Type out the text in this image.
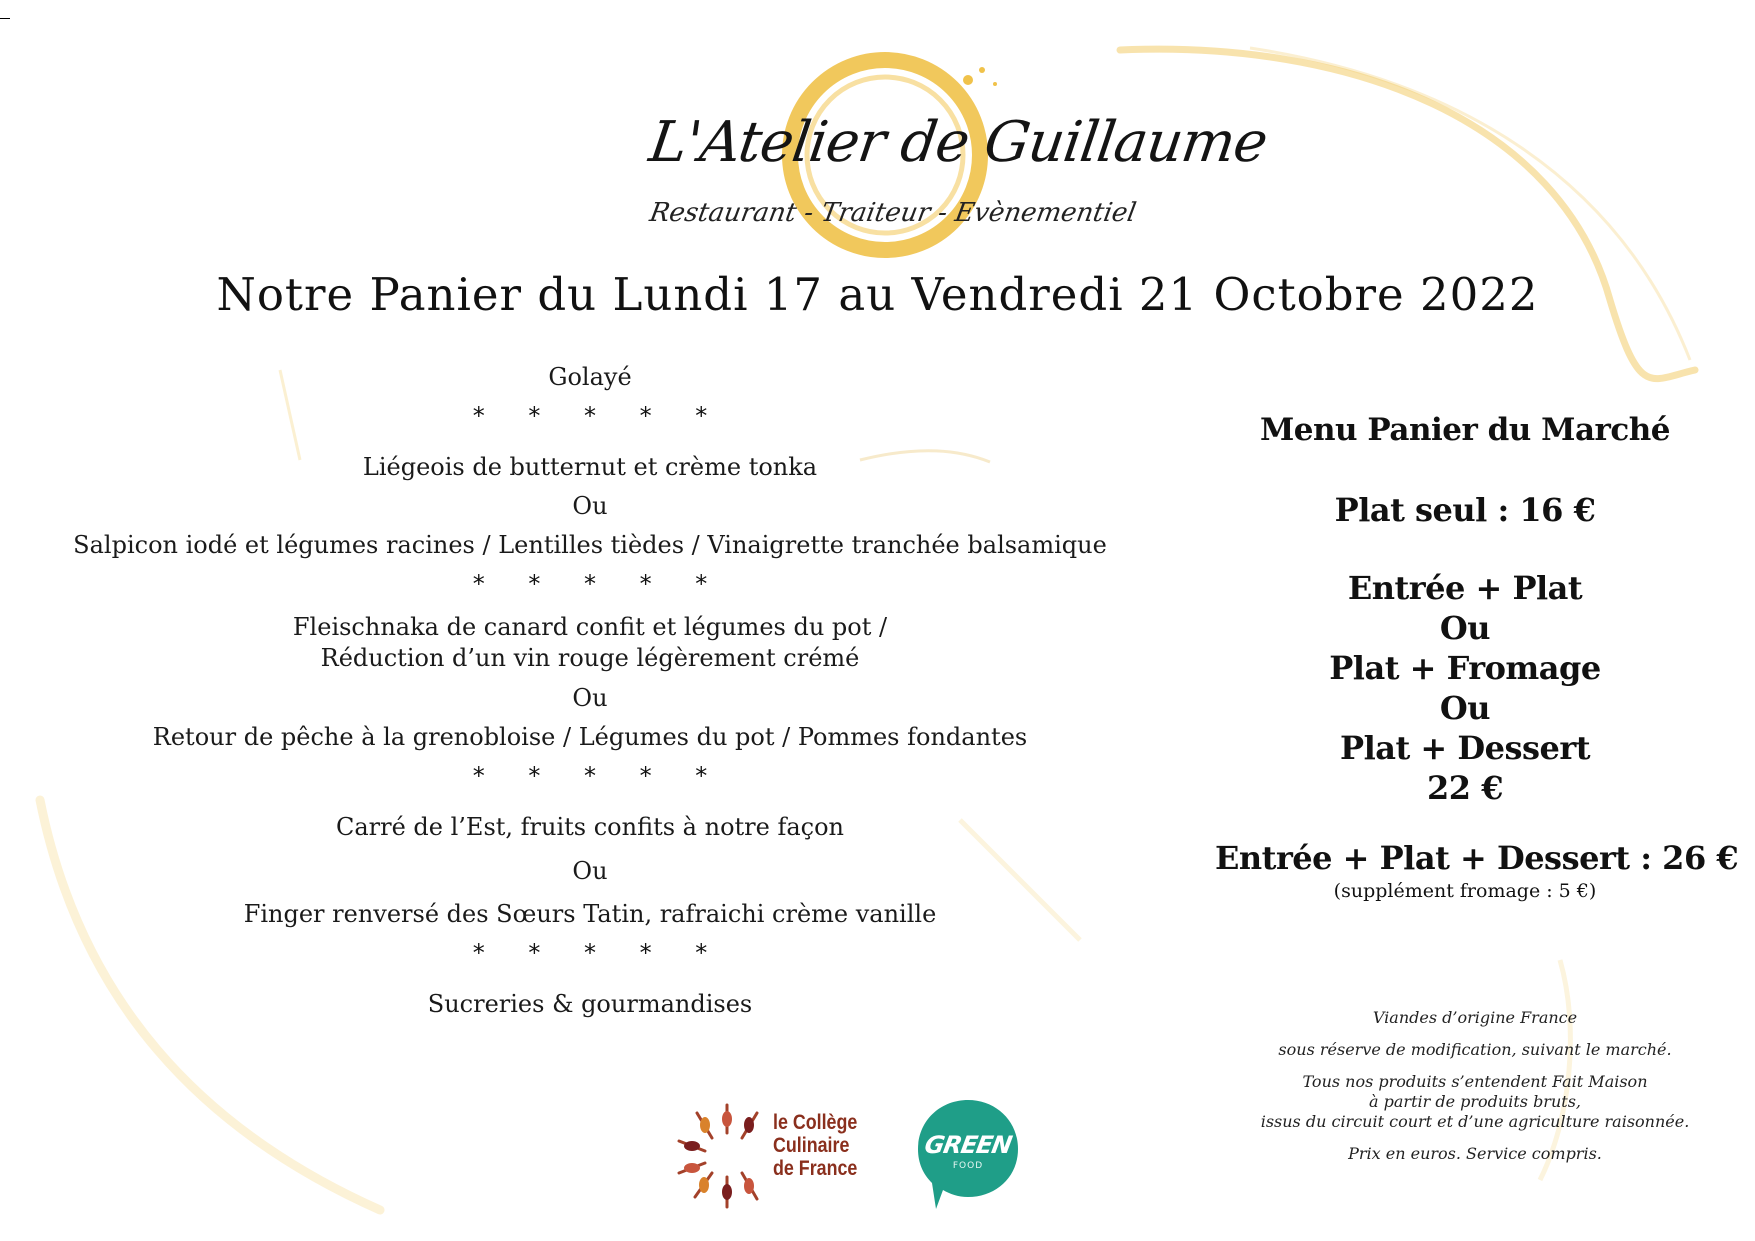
L'Atelier de Guillaume
Restaurant - Traiteur - Evènementiel
Notre Panier du Lundi 17 au Vendredi 21 Octobre 2022
Golayé
* * * * *
Liégeois de butternut et crème tonka
Ou
Salpicon iodé et légumes racines / Lentilles tièdes / Vinaigrette tranchée balsamique
* * * * *
Fleischnaka de canard confit et légumes du pot /
Réduction d’un vin rouge légèrement crémé
Ou
Retour de pêche à la grenobloise / Légumes du pot / Pommes fondantes
* * * * *
Carré de l’Est, fruits confits à notre façon
Ou
Finger renversé des Sœurs Tatin, rafraichi crème vanille
* * * * *
Sucreries & gourmandises
Menu Panier du Marché
Plat seul : 16 €
Entrée + Plat
Ou
Plat + Fromage
Ou
Plat + Dessert
22 €
Entrée + Plat + Dessert : 26 €
(supplément fromage : 5 €)
Viandes d’origine France
sous réserve de modification, suivant le marché.
Tous nos produits s’entendent Fait Maison
à partir de produits bruts,
issus du circuit court et d’une agriculture raisonnée.
Prix en euros. Service compris.
le Collège
Culinaire
de France
GREEN
FOOD
